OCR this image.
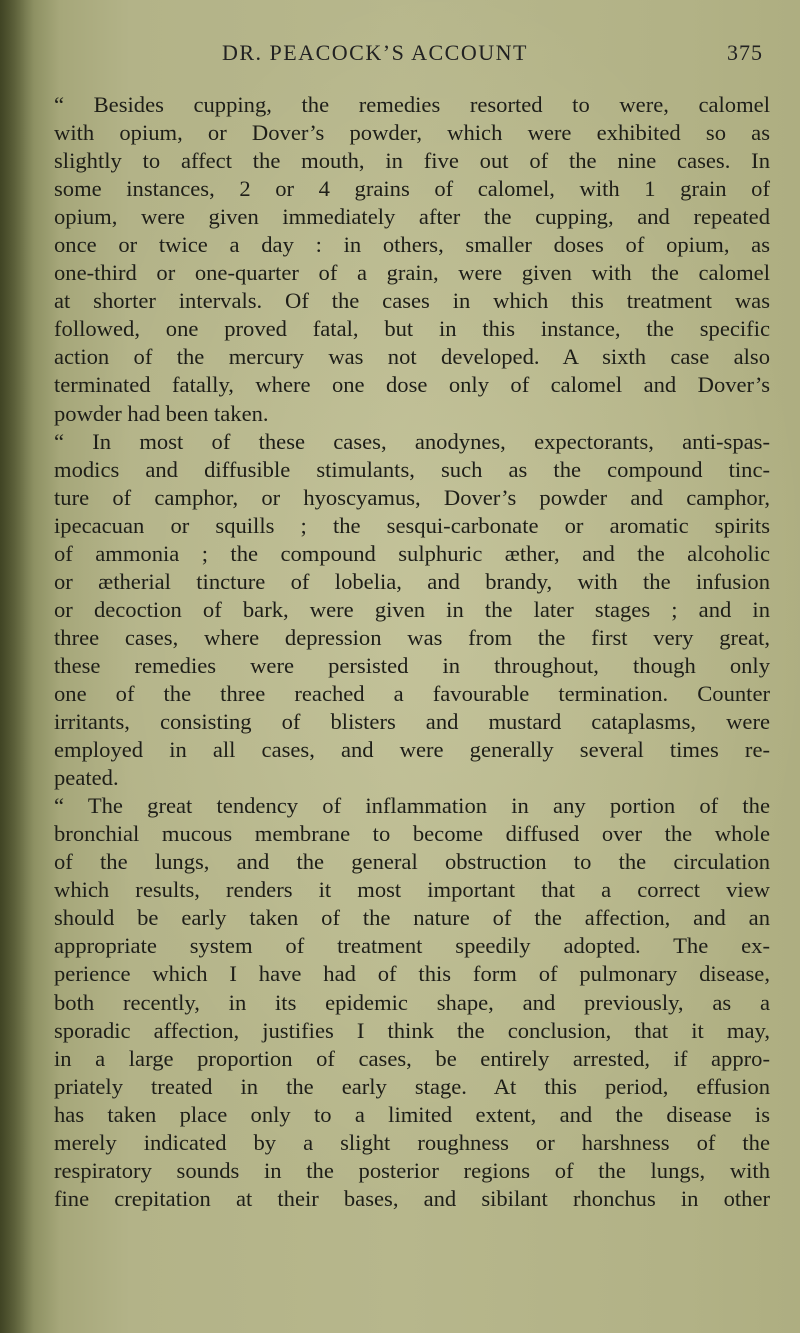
DR. PEACOCK’S ACCOUNT	375
“ Besides cupping, the remedies resorted to were, calomel
with opium, or Dover’s powder, which were exhibited so as
slightly to affect the mouth, in five out of the nine cases. In
some instances, 2 or 4 grains of calomel, with 1 grain of
opium, were given immediately after the cupping, and repeated
once or twice a day : in others, smaller doses of opium, as
one-third or one-quarter of a grain, were given with the calomel
at shorter intervals. Of the cases in which this treatment was
followed, one proved fatal, but in this instance, the specific
action of the mercury was not developed. A sixth case also
terminated fatally, where one dose only of calomel and Dover’s
powder had been taken.
“ In most of these cases, anodynes, expectorants, anti-spas-
modics and diffusible stimulants, such as the compound tinc-
ture of camphor, or hyoscyamus, Dover’s powder and camphor,
ipecacuan or squills ; the sesqui-carbonate or aromatic spirits
of ammonia ; the compound sulphuric æther, and the alcoholic
or ætherial tincture of lobelia, and brandy, with the infusion
or decoction of bark, were given in the later stages ; and in
three cases, where depression was from the first very great,
these remedies were persisted in throughout, though only
one of the three reached a favourable termination. Counter
irritants, consisting of blisters and mustard cataplasms, were
employed in all cases, and were generally several times re-
peated.
“ The great tendency of inflammation in any portion of the
bronchial mucous membrane to become diffused over the whole
of the lungs, and the general obstruction to the circulation
which results, renders it most important that a correct view
should be early taken of the nature of the affection, and an
appropriate system of treatment speedily adopted. The ex-
perience which I have had of this form of pulmonary disease,
both recently, in its epidemic shape, and previously, as a
sporadic affection, justifies I think the conclusion, that it may,
in a large proportion of cases, be entirely arrested, if appro-
priately treated in the early stage. At this period, effusion
has taken place only to a limited extent, and the disease is
merely indicated by a slight roughness or harshness of the
respiratory sounds in the posterior regions of the lungs, with
fine crepitation at their bases, and sibilant rhonchus in other
